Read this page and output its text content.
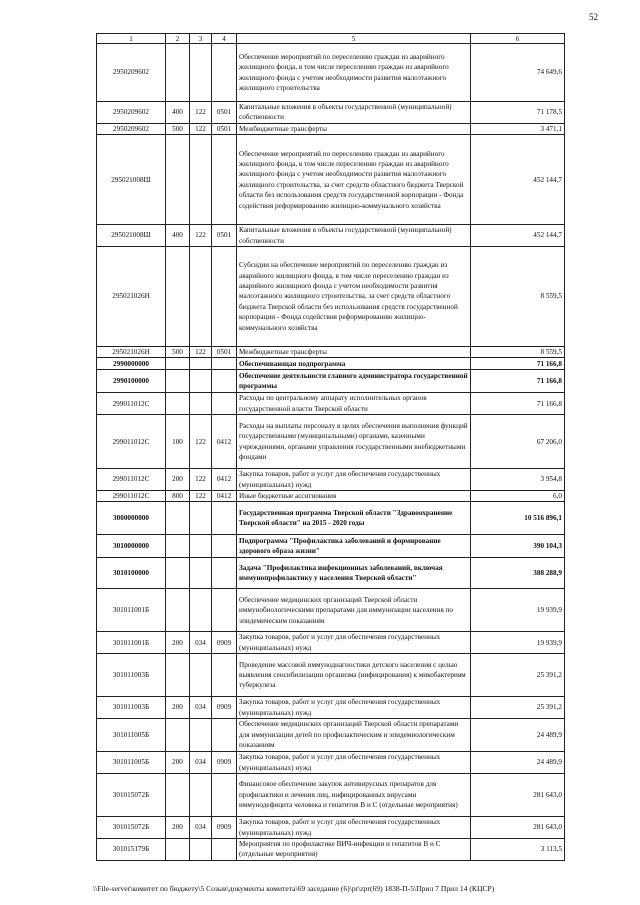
52
1	2	3	4	5	6
2950209602				Обеспечение мероприятий по переселению граждан из аварийного жилищного фонда, в том числе переселению граждан из аварийного жилищного фонда с учетом необходимости развития малоэтажного жилищного строительства	74 649,6
2950209602	400	122	0501	Капитальные вложения в объекты государственной (муниципальной) собственности	71 178,5
2950209602	500	122	0501	Межбюджетные трансферты	3 471,1
295021008Ш				Обеспечение мероприятий по переселению граждан из аварийного жилищного фонда, в том числе переселению граждан из аварийного жилищного фонда с учетом необходимости развития малоэтажного жилищного строительства, за счет средств областного бюджета Тверской области без использования средств государственной корпорации - Фонда содействия реформированию жилищно-коммунального хозяйства	452 144,7
295021008Ш	400	122	0501	Капитальные вложения в объекты государственной (муниципальной) собственности	452 144,7
295021026Н				Субсидии на обеспечение мероприятий по переселению граждан из аварийного жилищного фонда, в том числе переселению граждан из аварийного жилищного фонда с учетом необходимости развития малоэтажного жилищного строительства, за счет средств областного бюджета Тверской области без использования средств государственной корпорации - Фонда содействия реформированию жилищно-коммунального хозяйства	8 559,5
295021026Н	500	122	0501	Межбюджетные трансферты	8 559,5
2990000000				Обеспечивающая подпрограмма	71 166,8
2990100000				Обеспечение деятельности главного администратора государственной программы	71 166,8
299011012С				Расходы по центральному аппарату исполнительных органов государственной власти Тверской области	71 166,8
299011012С	100	122	0412	Расходы на выплаты персоналу в целях обеспечения выполнения функций государственными (муниципальными) органами, казенными учреждениями, органами управления государственными внебюджетными фондами	67 206,0
299011012С	200	122	0412	Закупка товаров, работ и услуг для обеспечения государственных (муниципальных) нужд	3 954,8
299011012С	800	122	0412	Иные бюджетные ассигнования	6,0
3000000000				Государственная программа Тверской области "Здравоохранение Тверской области" на 2015 - 2020 годы	10 516 896,1
3010000000				Подпрограмма "Профилактика заболеваний и формирование здорового образа жизни"	390 104,3
3010100000				Задача "Профилактика инфекционных заболеваний, включая иммунопрофилактику у населения Тверской области"	388 288,9
301011001Б				Обеспечение медицинских организаций Тверской области иммунобиологическими препаратами для иммунизации населения по эпидемическим показаниям	19 939,9
301011001Б	200	034	0909	Закупка товаров, работ и услуг для обеспечения государственных (муниципальных) нужд	19 939,9
301011003Б				Проведение массовой иммунодиагностики детского населения с целью выявления сенсибилизации организма (инфицирования) к микобактериям туберкулеза	25 391,2
301011003Б	200	034	0909	Закупка товаров, работ и услуг для обеспечения государственных (муниципальных) нужд	25 391,2
301011005Б				Обеспечение медицинских организаций Тверской области препаратами для иммунизации детей по профилактическим и эпидемиологическим показаниям	24 489,9
301011005Б	200	034	0909	Закупка товаров, работ и услуг для обеспечения государственных (муниципальных) нужд	24 489,9
301015072Б				Финансовое обеспечение закупок антивирусных препаратов для профилактики и лечения лиц, инфицированных вирусами иммунодефицита человека и гепатитов В и С (отдельные мероприятия)	281 643,0
301015072Б	200	034	0909	Закупка товаров, работ и услуг для обеспечения государственных (муниципальных) нужд	281 643,0
301015179Б				Мероприятия по профилактике ВИЧ-инфекции и гепатитов В и С (отдельные мероприятия)	3 113,5
\\File-server\комитет по бюджету\5 Созыв\документы комитета\69 заседание (6)\pr\zpr(69) 1838-П-5\Прил 7 Прил 14 (КЦСР)
